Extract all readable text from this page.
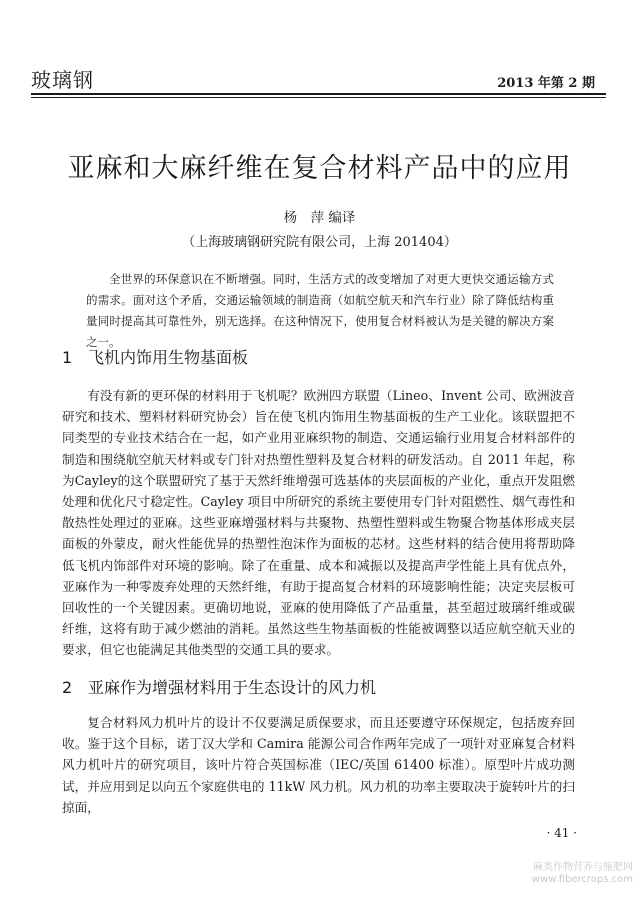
玻璃钢	2013 年第 2 期
亚麻和大麻纤维在复合材料产品中的应用
杨　萍 编译
（上海玻璃钢研究院有限公司，上海 201404）

全世界的环保意识在不断增强。同时，生活方式的改变增加了对更大更快交通运输方式的需求。面对这个矛盾，交通运输领域的制造商（如航空航天和汽车行业）除了降低结构重量同时提高其可靠性外，别无选择。在这种情况下，使用复合材料被认为是关键的解决方案之一。

1 飞机内饰用生物基面板

有没有新的更环保的材料用于飞机呢？欧洲四方联盟（Lineo、Invent 公司、欧洲波音研究和技术、塑料材料研究协会）旨在使飞机内饰用生物基面板的生产工业化。该联盟把不同类型的专业技术结合在一起，如产业用亚麻织物的制造、交通运输行业用复合材料部件的制造和围绕航空航天材料或专门针对热塑性塑料及复合材料的研发活动。自 2011 年起，称为Cayley的这个联盟研究了基于天然纤维增强可选基体的夹层面板的产业化，重点开发阻燃处理和优化尺寸稳定性。Cayley 项目中所研究的系统主要使用专门针对阻燃性、烟气毒性和散热性处理过的亚麻。这些亚麻增强材料与共聚物、热塑性塑料或生物聚合物基体形成夹层面板的外蒙皮，耐火性能优异的热塑性泡沫作为面板的芯材。这些材料的结合使用将帮助降低飞机内饰部件对环境的影响。除了在重量、成本和减振以及提高声学性能上具有优点外，亚麻作为一种零废弃处理的天然纤维，有助于提高复合材料的环境影响性能；决定夹层板可回收性的一个关键因素。更确切地说，亚麻的使用降低了产品重量，甚至超过玻璃纤维或碳纤维，这将有助于减少燃油的消耗。虽然这些生物基面板的性能被调整以适应航空航天业的要求，但它也能满足其他类型的交通工具的要求。

2 亚麻作为增强材料用于生态设计的风力机

复合材料风力机叶片的设计不仅要满足质保要求，而且还要遵守环保规定，包括废弃回收。鉴于这个目标，诺丁汉大学和 Camira 能源公司合作两年完成了一项针对亚麻复合材料风力机叶片的研究项目，该叶片符合英国标准（IEC/英国 61400 标准）。原型叶片成功测试，并应用到足以向五个家庭供电的 11kW 风力机。风力机的功率主要取决于旋转叶片的扫掠面，

· 41 ·
麻类作物营养与施肥网
www.fibercrops.com
